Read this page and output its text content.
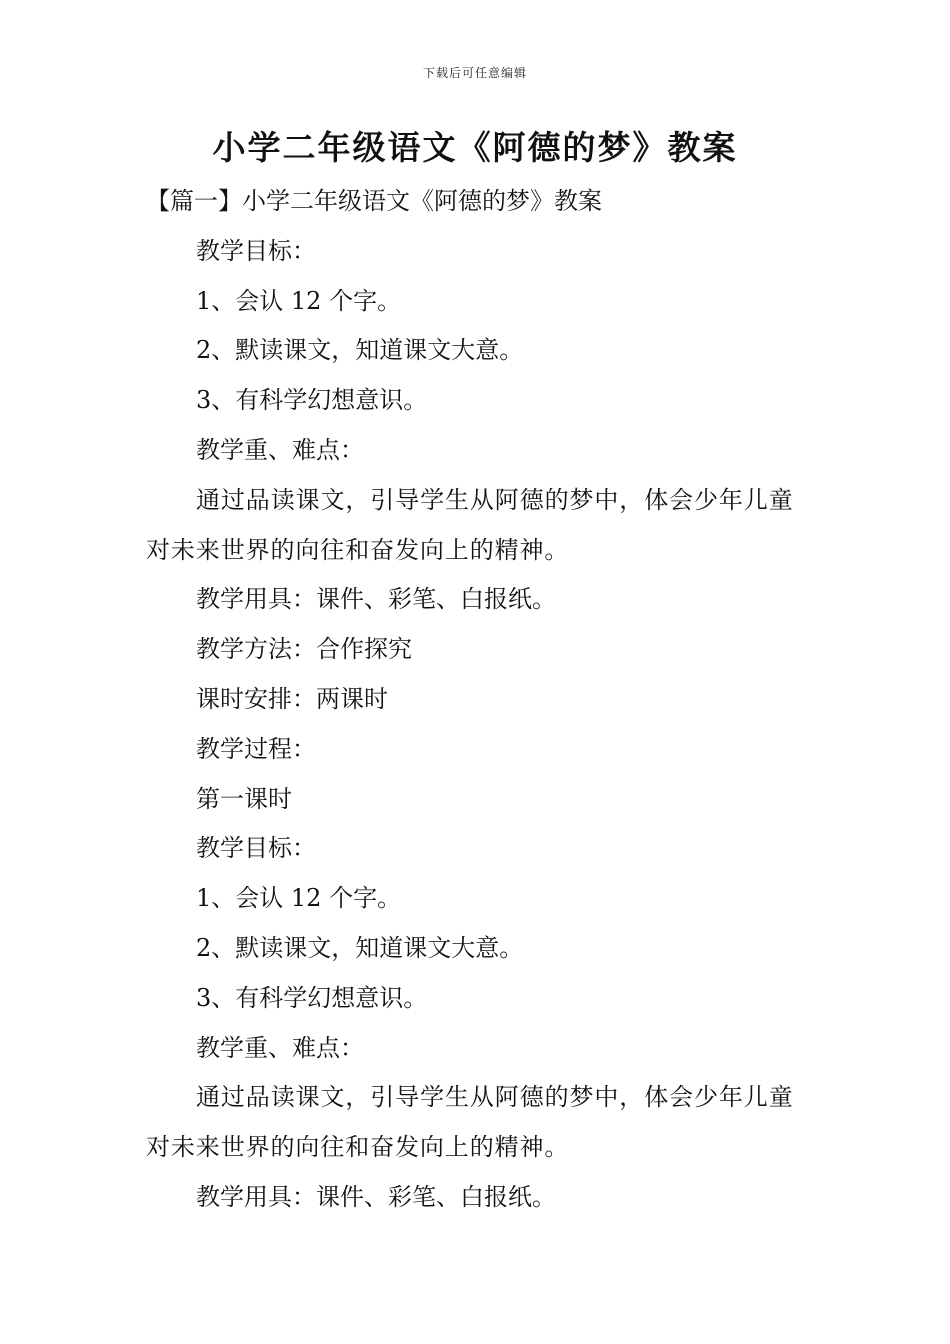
下载后可任意编辑
小学二年级语文《阿德的梦》教案

【篇一】小学二年级语文《阿德的梦》教案

教学目标：

1、会认 12 个字。

2、默读课文，知道课文大意。

3、有科学幻想意识。

教学重、难点：

通过品读课文，引导学生从阿德的梦中，体会少年儿童对未来世界的向往和奋发向上的精神。

教学用具：课件、彩笔、白报纸。

教学方法：合作探究

课时安排：两课时

教学过程：

第一课时

教学目标：

1、会认 12 个字。

2、默读课文，知道课文大意。

3、有科学幻想意识。

教学重、难点：

通过品读课文，引导学生从阿德的梦中，体会少年儿童对未来世界的向往和奋发向上的精神。

教学用具：课件、彩笔、白报纸。
